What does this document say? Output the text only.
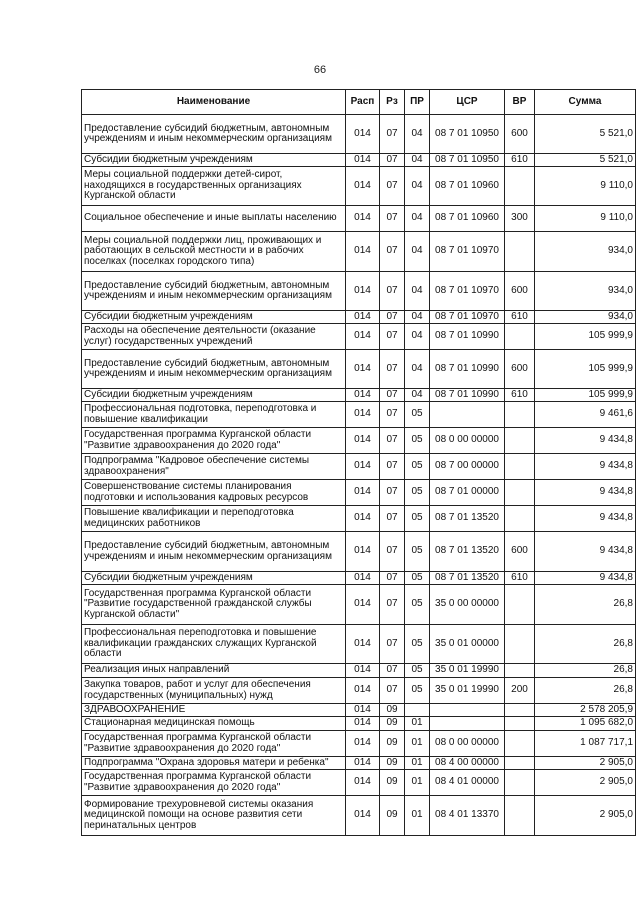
66
Наименование	Расп	Рз	ПР	ЦСР	ВР	Сумма
Предоставление субсидий бюджетным, автономным учреждениям и иным некоммерческим организациям	014	07	04	08 7 01 10950	600	5 521,0
Субсидии бюджетным учреждениям	014	07	04	08 7 01 10950	610	5 521,0
Меры социальной поддержки детей-сирот, находящихся в государственных организациях Курганской области	014	07	04	08 7 01 10960		9 110,0
Социальное обеспечение и иные выплаты населению	014	07	04	08 7 01 10960	300	9 110,0
Меры социальной поддержки лиц, проживающих и работающих в сельской местности и в рабочих поселках (поселках городского типа)	014	07	04	08 7 01 10970		934,0
Предоставление субсидий бюджетным, автономным учреждениям и иным некоммерческим организациям	014	07	04	08 7 01 10970	600	934,0
Субсидии бюджетным учреждениям	014	07	04	08 7 01 10970	610	934,0
Расходы на обеспечение деятельности (оказание услуг) государственных учреждений	014	07	04	08 7 01 10990		105 999,9
Предоставление субсидий бюджетным, автономным учреждениям и иным некоммерческим организациям	014	07	04	08 7 01 10990	600	105 999,9
Субсидии бюджетным учреждениям	014	07	04	08 7 01 10990	610	105 999,9
Профессиональная подготовка, переподготовка и повышение квалификации	014	07	05			9 461,6
Государственная программа Курганской области "Развитие здравоохранения до 2020 года"	014	07	05	08 0 00 00000		9 434,8
Подпрограмма "Кадровое обеспечение системы здравоохранения"	014	07	05	08 7 00 00000		9 434,8
Совершенствование системы планирования подготовки и использования кадровых ресурсов	014	07	05	08 7 01 00000		9 434,8
Повышение квалификации и переподготовка медицинских работников	014	07	05	08 7 01 13520		9 434,8
Предоставление субсидий бюджетным, автономным учреждениям и иным некоммерческим организациям	014	07	05	08 7 01 13520	600	9 434,8
Субсидии бюджетным учреждениям	014	07	05	08 7 01 13520	610	9 434,8
Государственная программа Курганской области "Развитие государственной гражданской службы Курганской области"	014	07	05	35 0 00 00000		26,8
Профессиональная переподготовка и повышение квалификации гражданских служащих Курганской области	014	07	05	35 0 01 00000		26,8
Реализация иных направлений	014	07	05	35 0 01 19990		26,8
Закупка товаров, работ и услуг для обеспечения государственных (муниципальных) нужд	014	07	05	35 0 01 19990	200	26,8
ЗДРАВООХРАНЕНИЕ	014	09				2 578 205,9
Стационарная медицинская помощь	014	09	01			1 095 682,0
Государственная программа Курганской области "Развитие здравоохранения до 2020 года"	014	09	01	08 0 00 00000		1 087 717,1
Подпрограмма "Охрана здоровья матери и ребенка"	014	09	01	08 4 00 00000		2 905,0
Государственная программа Курганской области "Развитие здравоохранения до 2020 года"	014	09	01	08 4 01 00000		2 905,0
Формирование трехуровневой системы оказания медицинской помощи на основе развития сети перинатальных центров	014	09	01	08 4 01 13370		2 905,0
